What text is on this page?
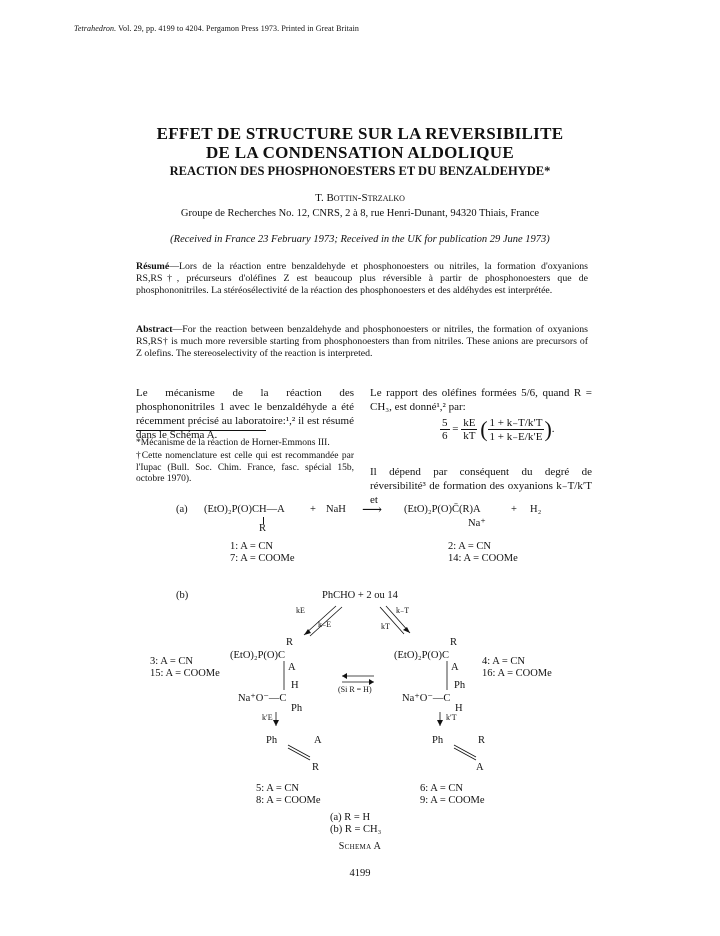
Tetrahedron. Vol. 29, pp. 4199 to 4204. Pergamon Press 1973. Printed in Great Britain
EFFET DE STRUCTURE SUR LA REVERSIBILITE
DE LA CONDENSATION ALDOLIQUE
REACTION DES PHOSPHONOESTERS ET DU BENZALDEHYDE*
T. Bottin-Strzalko
Groupe de Recherches No. 12, CNRS, 2 à 8, rue Henri-Dunant, 94320 Thiais, France
(Received in France 23 February 1973; Received in the UK for publication 29 June 1973)
Résumé—Lors de la réaction entre benzaldehyde et phosphonoesters ou nitriles, la formation d'oxyanions RS,RS†, précurseurs d'oléfines Z est beaucoup plus réversible à partir de phosphonoesters que de phosphononitriles. La stéréosélectivité de la réaction des phosphonoesters et des aldéhydes est interprétée.
Abstract—For the reaction between benzaldehyde and phosphonoesters or nitriles, the formation of oxyanions RS,RS† is much more reversible starting from phosphonoesters than from nitriles. These anions are precursors of Z olefins. The stereoselectivity of the reaction is interpreted.
Le mécanisme de la réaction des phosphononitriles 1 avec le benzaldéhyde a été récemment précisé au laboratoire:¹,² il est résumé dans le Schéma A.
Le rapport des oléfines formées 5/6, quand R = CH₃, est donné¹,² par:
$\frac{5}{6} = \frac{kE}{kT}$ ( $\frac{1 + k_-T/k'T}{1 + k_-E/k'E}$ ).
*Mécanisme de la réaction de Horner-Emmons III.
†Cette nomenclature est celle qui est recommandée par l'Iupac (Bull. Soc. Chim. France, fasc. spécial 15b, octobre 1970).
Il dépend par conséquent du degré de réversibilité³ de formation des oxyanions k₋T/k′T et
(a) (EtO)₂P(O)CH—A
R
+ NaH ⟶ (EtO)₂P(O)C̄(R)A	+ H₂
Na⁺
1: A = CN
7: A = COOMe
2: A = CN
14: A = COOMe
(b)	PhCHO + 2 ou 14
kE
k₋E	kT
k₋T
3: A = CN
15: A = COOMe
R
(EtO)₂P(O)C
A
H
Na⁺O⁻—C
Ph
(Si R = H)
R
(EtO)₂P(O)C
A
Ph
Na⁺O⁻—C
H
4: A = CN
16: A = COOMe
k′E	k′T
Ph	A
R
Ph	R
A
5: A = CN
8: A = COOMe
6: A = CN
9: A = COOMe
(a) R = H
(b) R = CH₃
Schema A
4199
